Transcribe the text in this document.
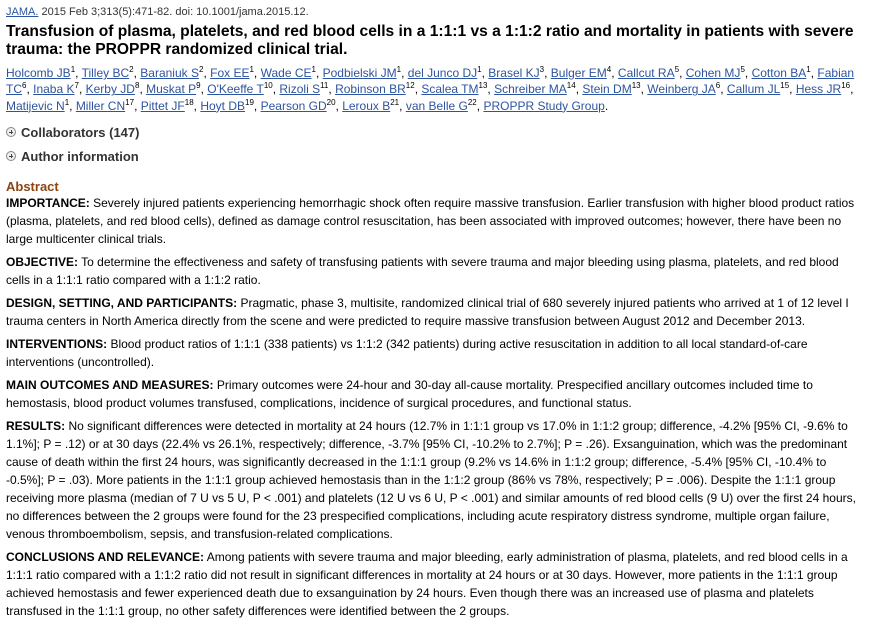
JAMA. 2015 Feb 3;313(5):471-82. doi: 10.1001/jama.2015.12.
Transfusion of plasma, platelets, and red blood cells in a 1:1:1 vs a 1:1:2 ratio and mortality in patients with severe trauma: the PROPPR randomized clinical trial.
Holcomb $JB^1$, Tilley $BC^2$, Baraniuk $S^2$, Fox $EE^1$, Wade $CE^1$, Podbielski $JM^1$, del Junco $DJ^1$, Brasel $KJ^3$, Bulger $EM^4$, Callcut $RA^5$, Cohen $MJ^5$, Cotton $BA^1$, Fabian $TC^6$, Inaba $K^7$, Kerby $JD^8$, Muskat $P^9$, O'Keeffe $T^{10}$, Rizoli $S^{11}$, Robinson BR$^{12}$, Scalea TM$^{13}$, Schreiber MA$^{14}$, Stein DM$^{13}$, Weinberg $JA^6$, Callum JL$^{15}$, Hess JR$^{16}$, Matijevic $N^1$, Miller CN$^{17}$, Pittet JF$^{18}$, Hoyt DB$^{19}$, Pearson GD$^{20}$, Leroux $B^{21}$, van Belle $G^{22}$, PROPPR Study Group.
Collaborators (147)
Author information
Abstract

IMPORTANCE: Severely injured patients experiencing hemorrhagic shock often require massive transfusion. Earlier transfusion with higher blood product ratios (plasma, platelets, and red blood cells), defined as damage control resuscitation, has been associated with improved outcomes; however, there have been no large multicenter clinical trials.

OBJECTIVE: To determine the effectiveness and safety of transfusing patients with severe trauma and major bleeding using plasma, platelets, and red blood cells in a 1:1:1 ratio compared with a 1:1:2 ratio.

DESIGN, SETTING, AND PARTICIPANTS: Pragmatic, phase 3, multisite, randomized clinical trial of 680 severely injured patients who arrived at 1 of 12 level I trauma centers in North America directly from the scene and were predicted to require massive transfusion between August 2012 and December 2013.

INTERVENTIONS: Blood product ratios of 1:1:1 (338 patients) vs 1:1:2 (342 patients) during active resuscitation in addition to all local standard-of-care interventions (uncontrolled).

MAIN OUTCOMES AND MEASURES: Primary outcomes were 24-hour and 30-day all-cause mortality. Prespecified ancillary outcomes included time to hemostasis, blood product volumes transfused, complications, incidence of surgical procedures, and functional status.

RESULTS: No significant differences were detected in mortality at 24 hours (12.7% in 1:1:1 group vs 17.0% in 1:1:2 group; difference, -4.2% [95% CI, -9.6% to 1.1%]; P = .12) or at 30 days (22.4% vs 26.1%, respectively; difference, -3.7% [95% CI, -10.2% to 2.7%]; P = .26). Exsanguination, which was the predominant cause of death within the first 24 hours, was significantly decreased in the 1:1:1 group (9.2% vs 14.6% in 1:1:2 group; difference, -5.4% [95% CI, -10.4% to -0.5%]; P = .03). More patients in the 1:1:1 group achieved hemostasis than in the 1:1:2 group (86% vs 78%, respectively; P = .006). Despite the 1:1:1 group receiving more plasma (median of 7 U vs 5 U, P < .001) and platelets (12 U vs 6 U, P < .001) and similar amounts of red blood cells (9 U) over the first 24 hours, no differences between the 2 groups were found for the 23 prespecified complications, including acute respiratory distress syndrome, multiple organ failure, venous thromboembolism, sepsis, and transfusion-related complications.

CONCLUSIONS AND RELEVANCE: Among patients with severe trauma and major bleeding, early administration of plasma, platelets, and red blood cells in a 1:1:1 ratio compared with a 1:1:2 ratio did not result in significant differences in mortality at 24 hours or at 30 days. However, more patients in the 1:1:1 group achieved hemostasis and fewer experienced death due to exsanguination by 24 hours. Even though there was an increased use of plasma and platelets transfused in the 1:1:1 group, no other safety differences were identified between the 2 groups.
